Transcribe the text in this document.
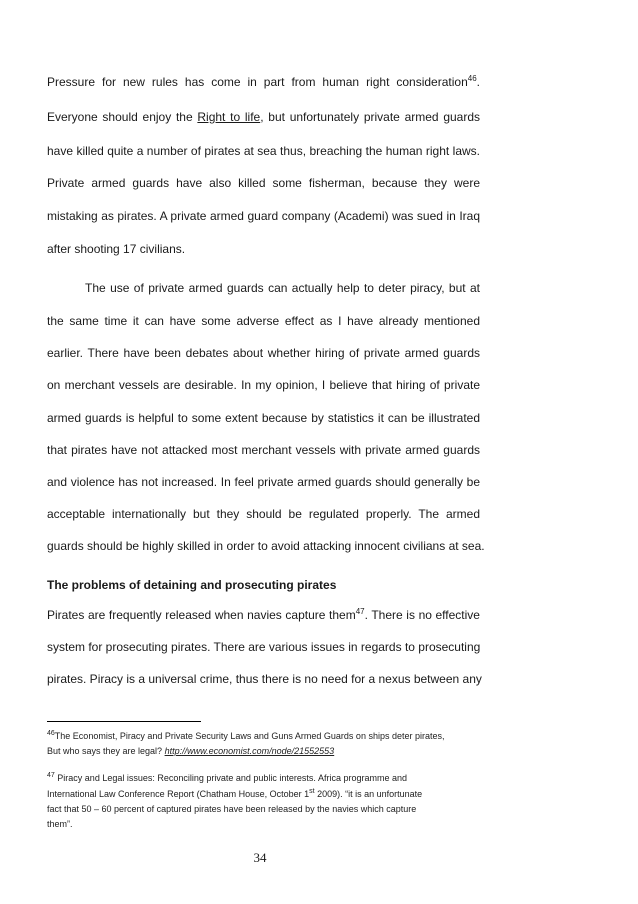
Pressure for new rules has come in part from human right consideration$^{46}$.
Everyone should enjoy the Right to life, but unfortunately private armed guards
have killed quite a number of pirates at sea thus, breaching the human right laws.
Private armed guards have also killed some fisherman, because they were
mistaking as pirates. A private armed guard company (Academi) was sued in Iraq
after shooting 17 civilians.
The use of private armed guards can actually help to deter piracy, but at
the same time it can have some adverse effect as I have already mentioned
earlier. There have been debates about whether hiring of private armed guards
on merchant vessels are desirable. In my opinion, I believe that hiring of private
armed guards is helpful to some extent because by statistics it can be illustrated
that pirates have not attacked most merchant vessels with private armed guards
and violence has not increased. In feel private armed guards should generally be
acceptable internationally but they should be regulated properly. The armed
guards should be highly skilled in order to avoid attacking innocent civilians at sea.
The problems of detaining and prosecuting pirates
Pirates are frequently released when navies capture them$^{47}$. There is no effective
system for prosecuting pirates. There are various issues in regards to prosecuting
pirates. Piracy is a universal crime, thus there is no need for a nexus between any
$^{46}$The Economist, Piracy and Private Security Laws and Guns Armed Guards on ships deter pirates,
But who says they are legal? http://www.economist.com/node/21552553
$^{47}$ Piracy and Legal issues: Reconciling private and public interests. Africa programme and
International Law Conference Report (Chatham House, October 1st 2009). “it is an unfortunate
fact that 50 – 60 percent of captured pirates have been released by the navies which capture
them”.
34
